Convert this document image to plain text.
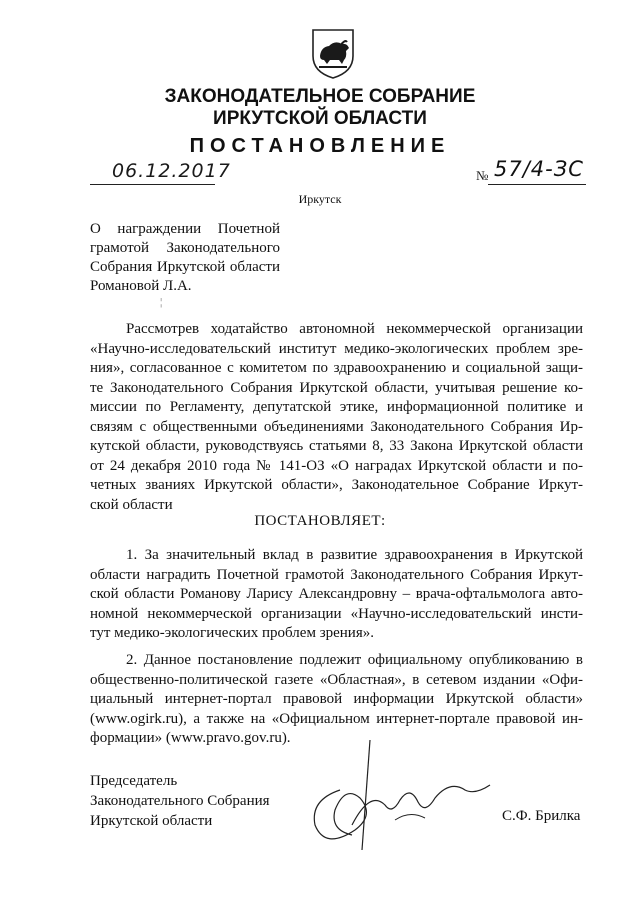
ЗАКОНОДАТЕЛЬНОЕ СОБРАНИЕ
ИРКУТСКОЙ ОБЛАСТИ
ПОСТАНОВЛЕНИЕ
06.12.2017	№ 57/4-ЗС
Иркутск
О награждении Почетной
грамотой Законодательного
Собрания Иркутской области
Романовой Л.А.
¦
Рассмотрев ходатайство автономной некоммерческой организации
«Научно-исследовательский институт медико-экологических проблем зре-
ния», согласованное с комитетом по здравоохранению и социальной защи-
те Законодательного Собрания Иркутской области, учитывая решение ко-
миссии по Регламенту, депутатской этике, информационной политике и
связям с общественными объединениями Законодательного Собрания Ир-
кутской области, руководствуясь статьями 8, 33 Закона Иркутской области
от 24 декабря 2010 года № 141-ОЗ «О наградах Иркутской области и по-
четных званиях Иркутской области», Законодательное Собрание Иркут-
ской области
ПОСТАНОВЛЯЕТ:
1. За значительный вклад в развитие здравоохранения в Иркутской
области наградить Почетной грамотой Законодательного Собрания Иркут-
ской области Романову Ларису Александровну – врача-офтальмолога авто-
номной некоммерческой организации «Научно-исследовательский инсти-
тут медико-экологических проблем зрения».
2. Данное постановление подлежит официальному опубликованию в
общественно-политической газете «Областная», в сетевом издании «Офи-
циальный интернет-портал правовой информации Иркутской области»
(www.ogirk.ru), а также на «Официальном интернет-портале правовой ин-
формации» (www.pravo.gov.ru).
Председатель
Законодательного Собрания
Иркутской области	С.Ф. Брилка
